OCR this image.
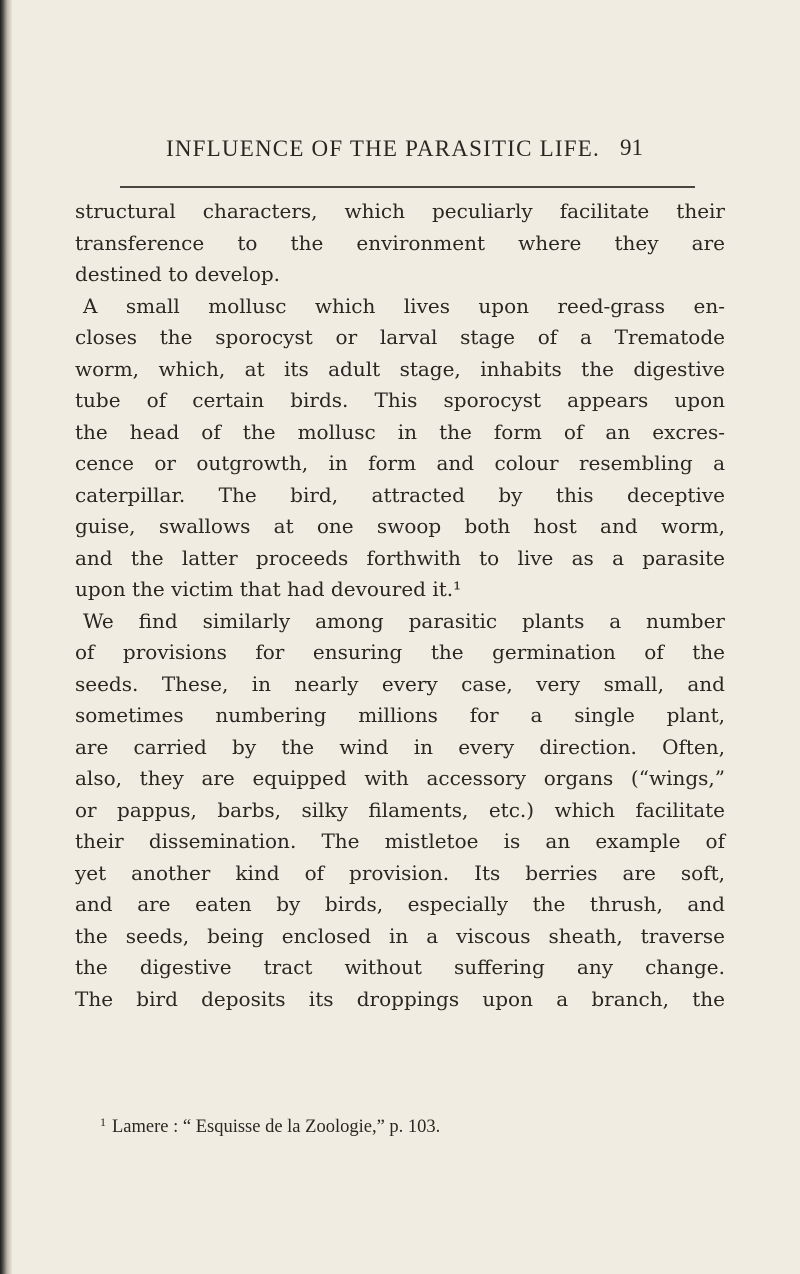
INFLUENCE OF THE PARASITIC LIFE. 91
structural characters, which peculiarly facilitate their
transference to the environment where they are
destined to develop.
A small mollusc which lives upon reed-grass en-
closes the sporocyst or larval stage of a Trematode
worm, which, at its adult stage, inhabits the digestive
tube of certain birds. This sporocyst appears upon
the head of the mollusc in the form of an excres-
cence or outgrowth, in form and colour resembling a
caterpillar. The bird, attracted by this deceptive
guise, swallows at one swoop both host and worm,
and the latter proceeds forthwith to live as a parasite
upon the victim that had devoured it.¹
We find similarly among parasitic plants a number
of provisions for ensuring the germination of the
seeds. These, in nearly every case, very small, and
sometimes numbering millions for a single plant,
are carried by the wind in every direction. Often,
also, they are equipped with accessory organs (“wings,”
or pappus, barbs, silky filaments, etc.) which facilitate
their dissemination. The mistletoe is an example of
yet another kind of provision. Its berries are soft,
and are eaten by birds, especially the thrush, and
the seeds, being enclosed in a viscous sheath, traverse
the digestive tract without suffering any change.
The bird deposits its droppings upon a branch, the
$^1$ Lamere : “ Esquisse de la Zoologie,” p. 103.
